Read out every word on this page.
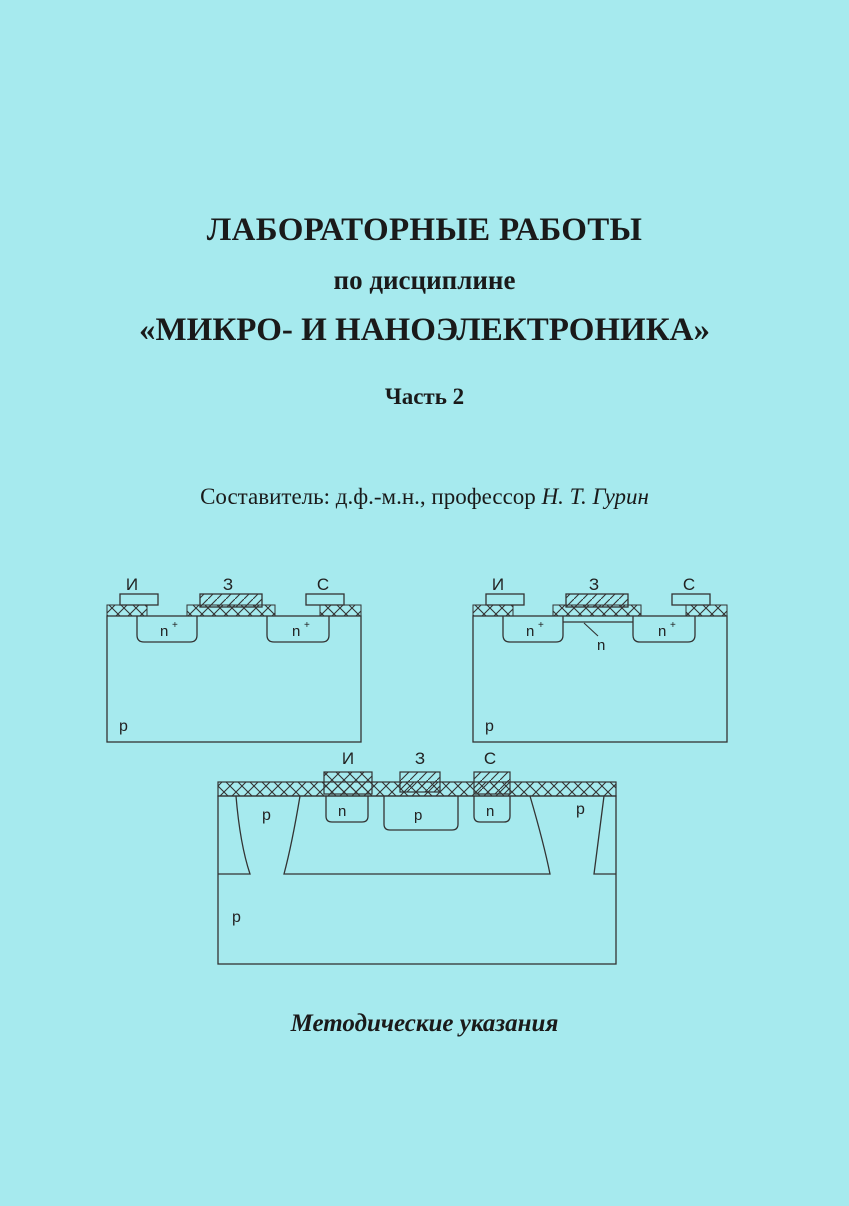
ЛАБОРАТОРНЫЕ РАБОТЫ
по дисциплине
«МИКРО- И НАНОЭЛЕКТРОНИКА»
Часть 2
Составитель: д.ф.-м.н., профессор Н. Т. Гурин
И	З	С
n +	n +
p
И	З	С
n +	n +
n
p
И	З	С
n	p	n
p	p
p
Методические указания
